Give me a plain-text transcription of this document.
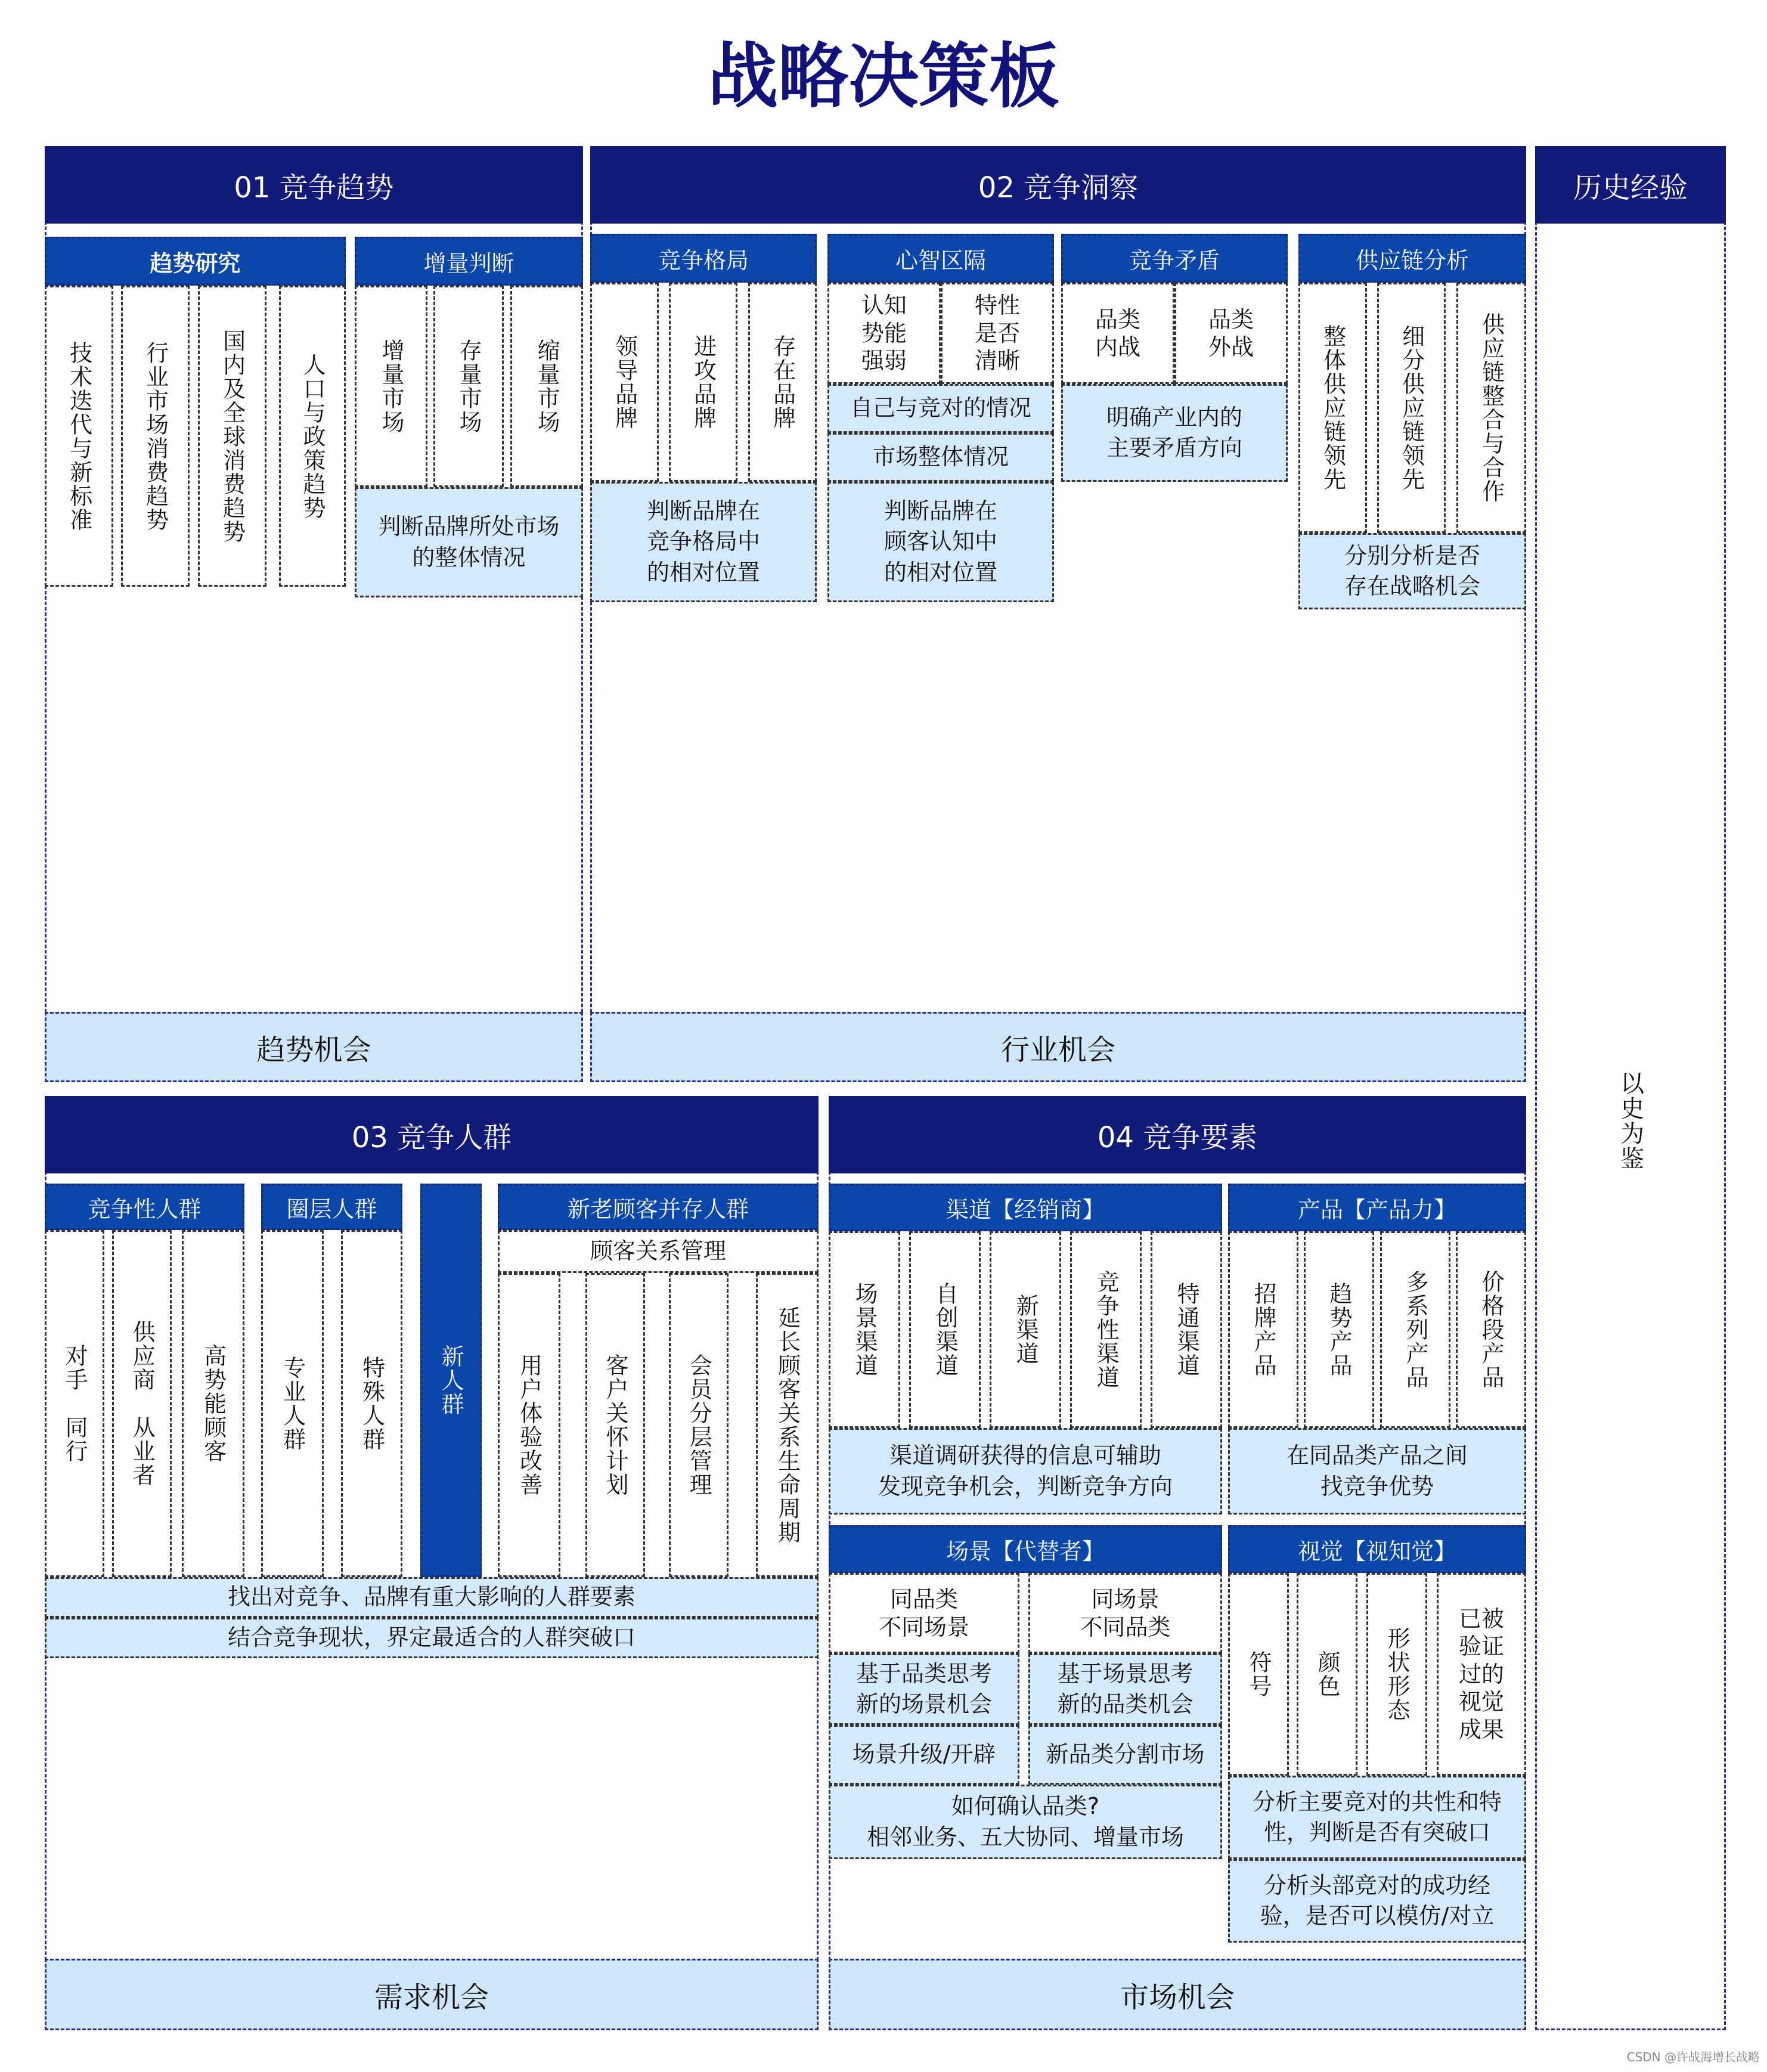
战略决策板
01 竞争趋势
趋势研究
技术迭代与新标准 行业市场消费趋势 国内及全球消费趋势 人口与政策趋势
增量判断
增量市场 存量市场 缩量市场
判断品牌所处市场
的整体情况
趋势机会
02 竞争洞察
竞争格局
领导品牌 进攻品牌 存在品牌
判断品牌在
竞争格局中
的相对位置
心智区隔
认知
势能
强弱
特性
是否
清晰
自己与竞对的情况
市场整体情况
判断品牌在
顾客认知中
的相对位置
竞争矛盾
品类
内战
品类
外战
明确产业内的
主要矛盾方向
供应链分析
整体供应链领先 细分供应链领先 供应链整合与合作
分别分析是否
存在战略机会
行业机会
历史经验
以史为鉴
03 竞争人群
竞争性人群
对手　同行 供应商　从业者 高势能顾客
圈层人群
专业人群 特殊人群 新人群
新老顾客并存人群
顾客关系管理
用户体验改善	客户关怀计划	会员分层管理	延长顾客关系生命周期
找出对竞争、品牌有重大影响的人群要素
结合竞争现状，界定最适合的人群突破口
需求机会
04 竞争要素
渠道【经销商】
场景渠道 自创渠道 新渠道 竞争性渠道 特通渠道
渠道调研获得的信息可辅助
发现竞争机会，判断竞争方向
产品【产品力】
招牌产品 趋势产品 多系列产品 价格段产品
在同品类产品之间
找竞争优势
场景【代替者】
同品类
不同场景
同场景
不同品类
基于品类思考
新的场景机会
基于场景思考
新的品类机会
场景升级/开辟	新品类分割市场
如何确认品类?
相邻业务、五大协同、增量市场
视觉【视知觉】
符号 颜色 形状形态
已被
验证
过的
视觉
成果
分析主要竞对的共性和特
性，判断是否有突破口
分析头部竞对的成功经
验，是否可以模仿/对立
市场机会
CSDN @许战海增长战略
